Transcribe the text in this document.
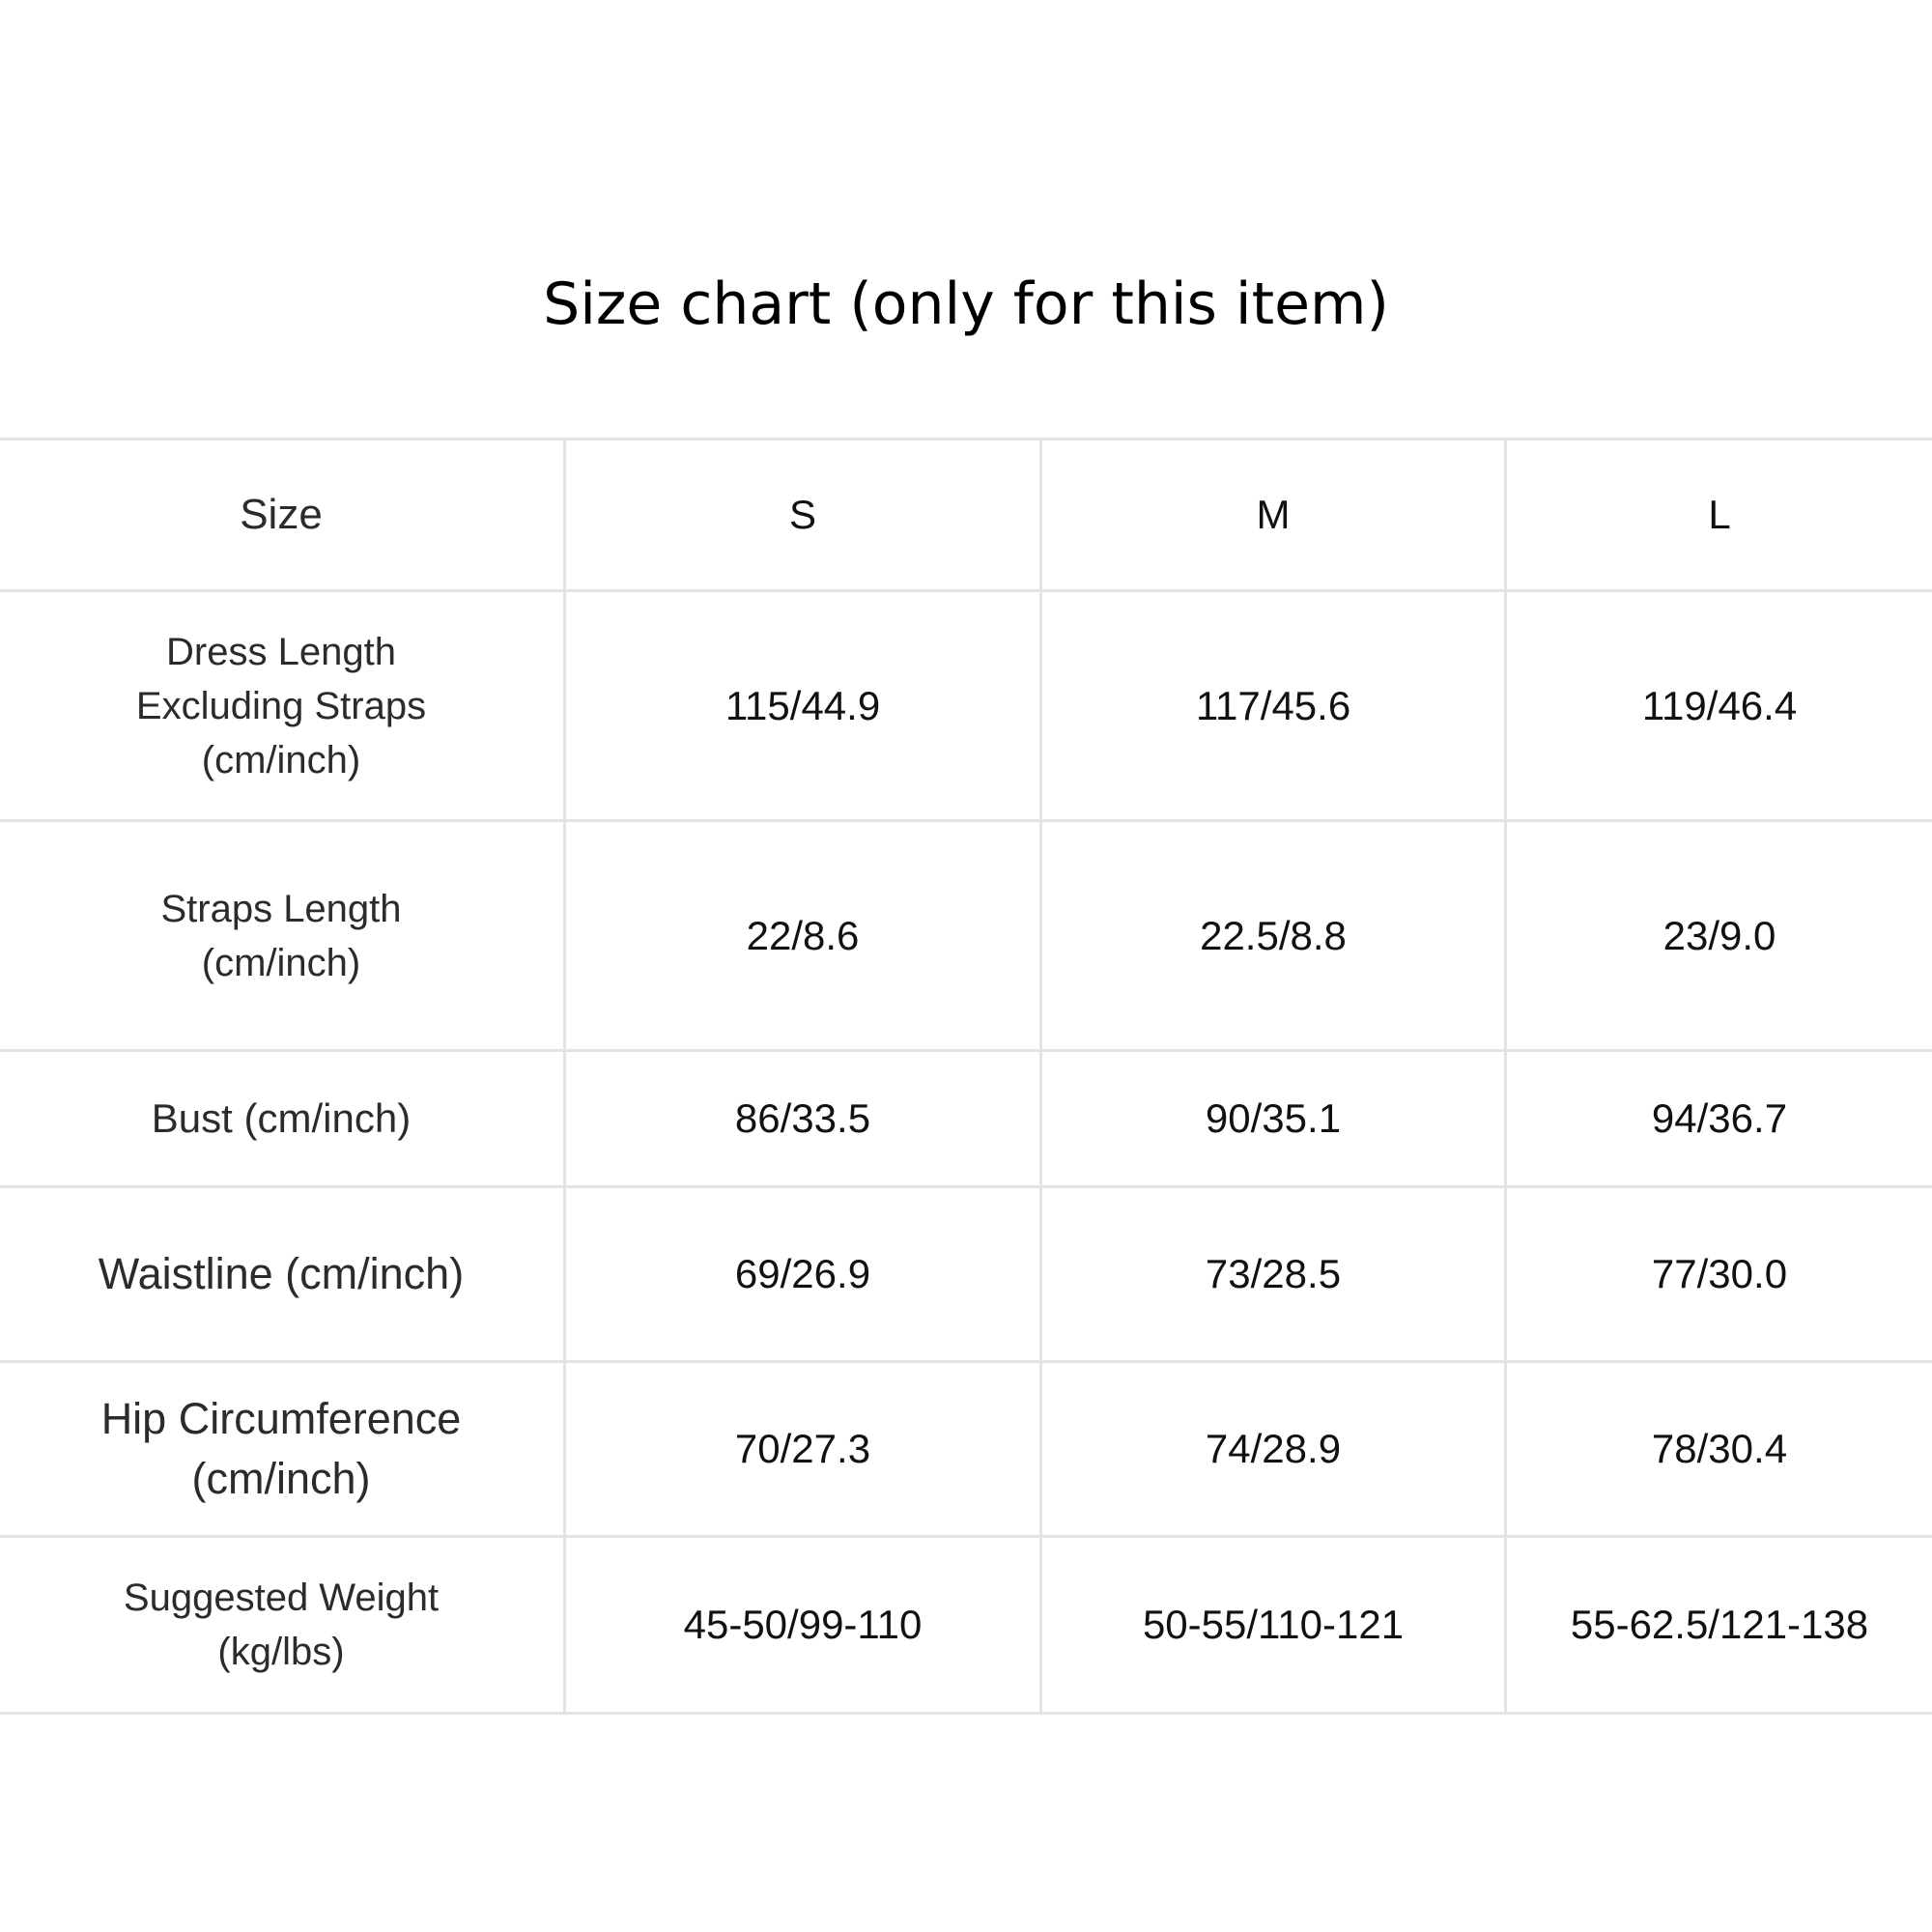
Size chart (only for this item)
Size	S	M	L

Dress Length
Excluding Straps
(cm/inch)	115/44.9	117/45.6	119/46.4

Straps Length
(cm/inch)	22/8.6	22.5/8.8	23/9.0

Bust (cm/inch)	86/33.5	90/35.1	94/36.7

Waistline (cm/inch)	69/26.9	73/28.5	77/30.0

Hip Circumference
(cm/inch)	70/27.3	74/28.9	78/30.4

Suggested Weight
(kg/lbs)	45-50/99-110	50-55/110-121	55-62.5/121-138
